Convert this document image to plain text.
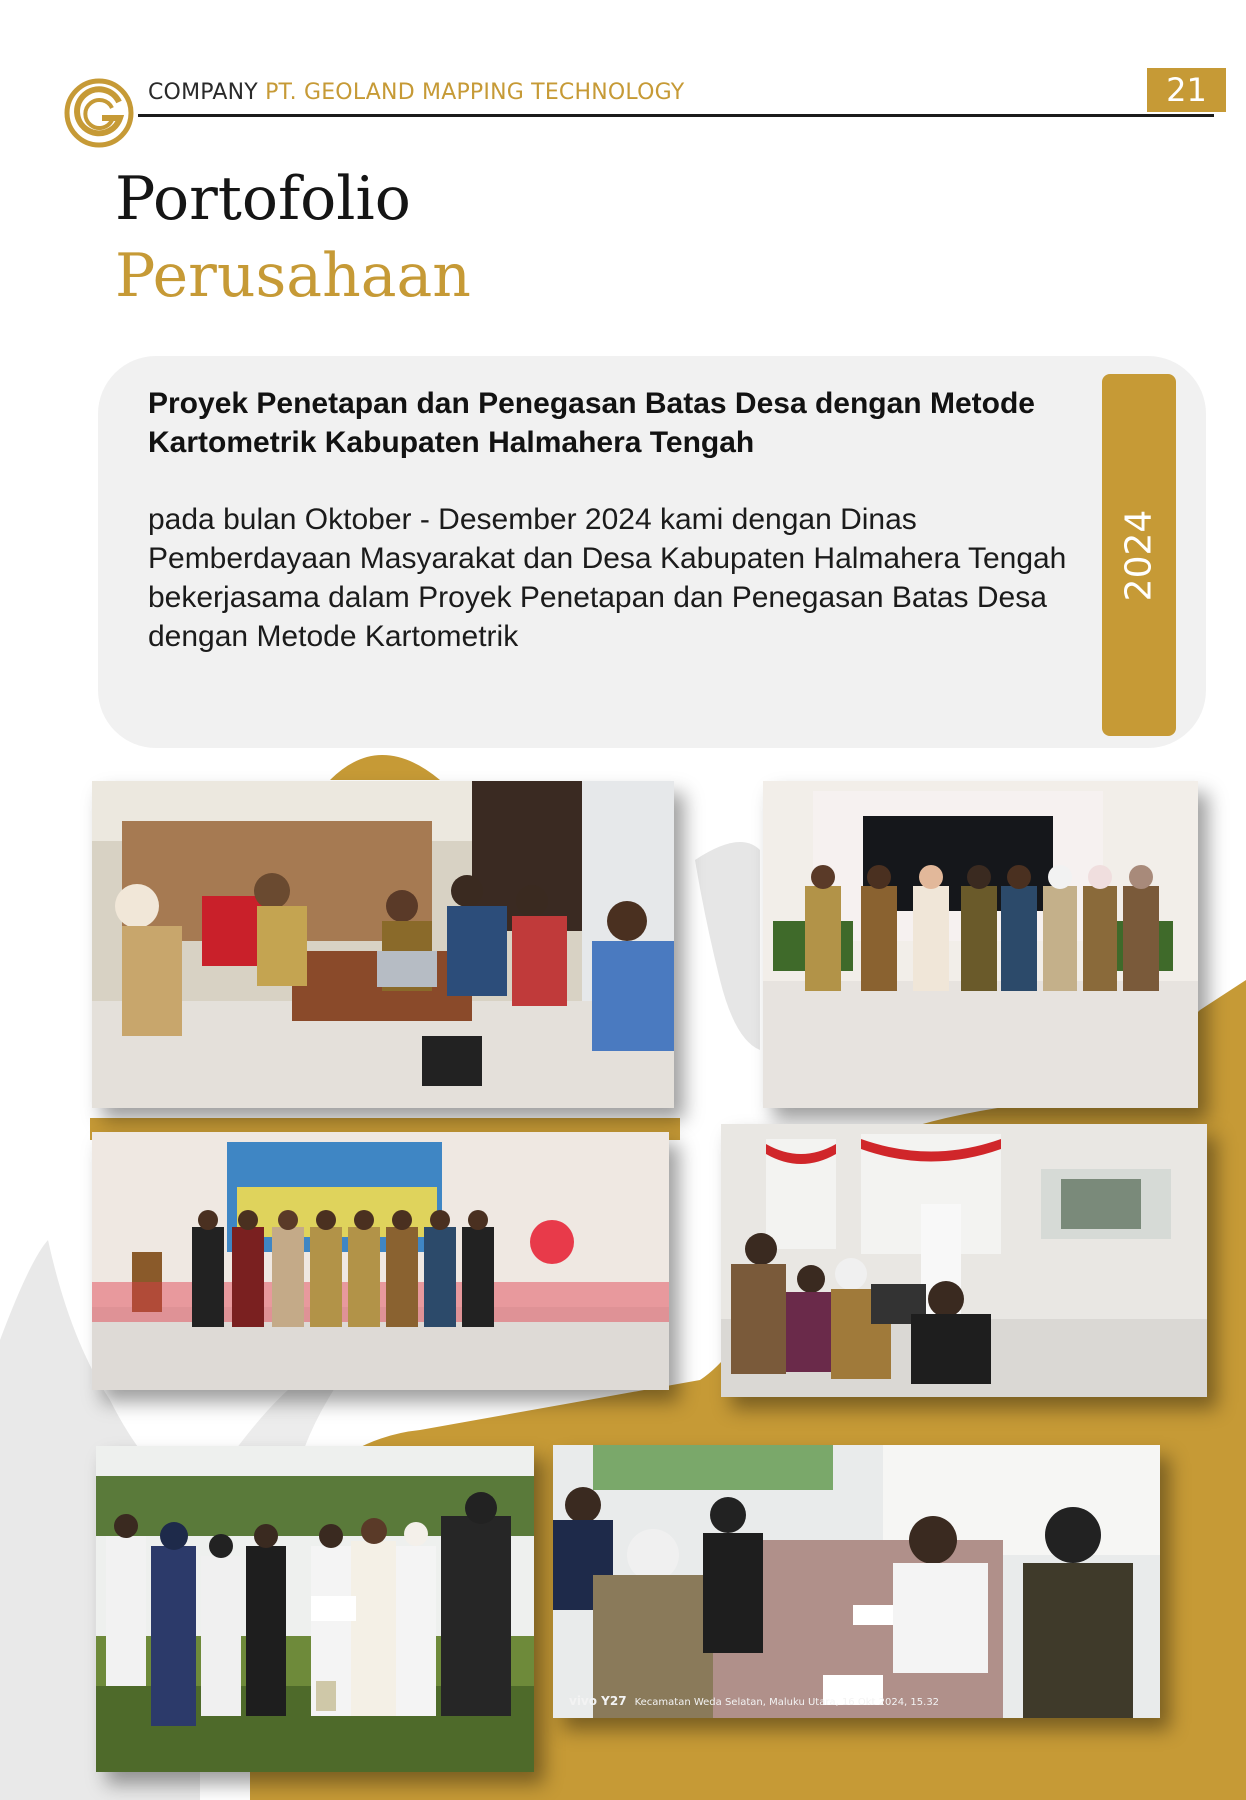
COMPANY PT. GEOLAND MAPPING TECHNOLOGY	21
Portofolio
Perusahaan
Proyek Penetapan dan Penegasan Batas Desa dengan Metode Kartometrik Kabupaten Halmahera Tengah
pada bulan Oktober - Desember 2024 kami dengan Dinas Pemberdayaan Masyarakat dan Desa Kabupaten Halmahera Tengah bekerjasama dalam Proyek Penetapan dan Penegasan Batas Desa dengan Metode Kartometrik
2024
vivo Y27 Kecamatan Weda Selatan, Maluku Utara, 16 Okt 2024, 15.32
